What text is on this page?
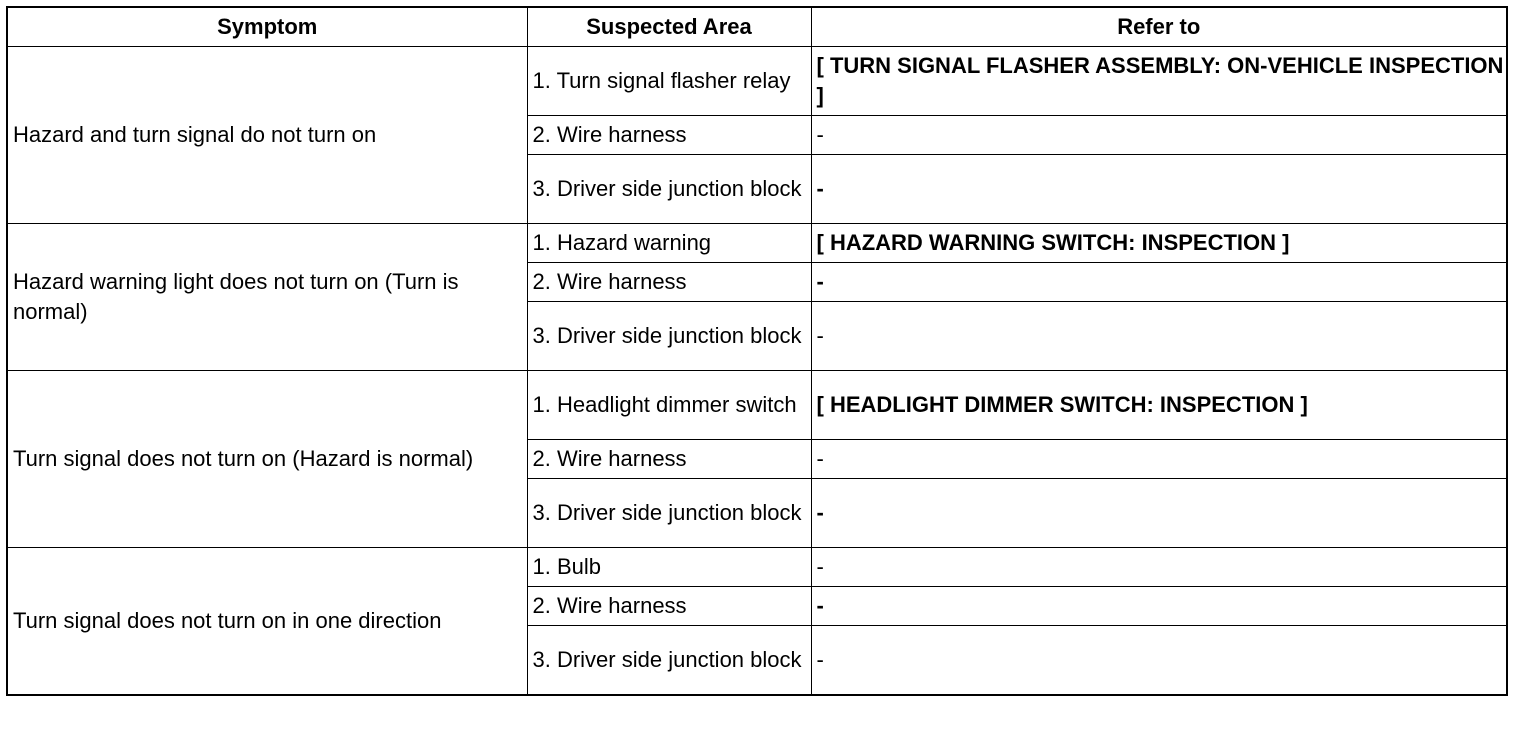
Symptom	Suspected Area	Refer to
Hazard and turn signal do not turn on	1. Turn signal flasher relay	[ TURN SIGNAL FLASHER ASSEMBLY: ON-VEHICLE INSPECTION ]
	2. Wire harness	-
	3. Driver side junction block	-
Hazard warning light does not turn on (Turn is normal)	1. Hazard warning	[ HAZARD WARNING SWITCH: INSPECTION ]
	2. Wire harness	-
	3. Driver side junction block	-
Turn signal does not turn on (Hazard is normal)	1. Headlight dimmer switch	[ HEADLIGHT DIMMER SWITCH: INSPECTION ]
	2. Wire harness	-
	3. Driver side junction block	-
Turn signal does not turn on in one direction	1. Bulb	-
	2. Wire harness	-
	3. Driver side junction block	-
